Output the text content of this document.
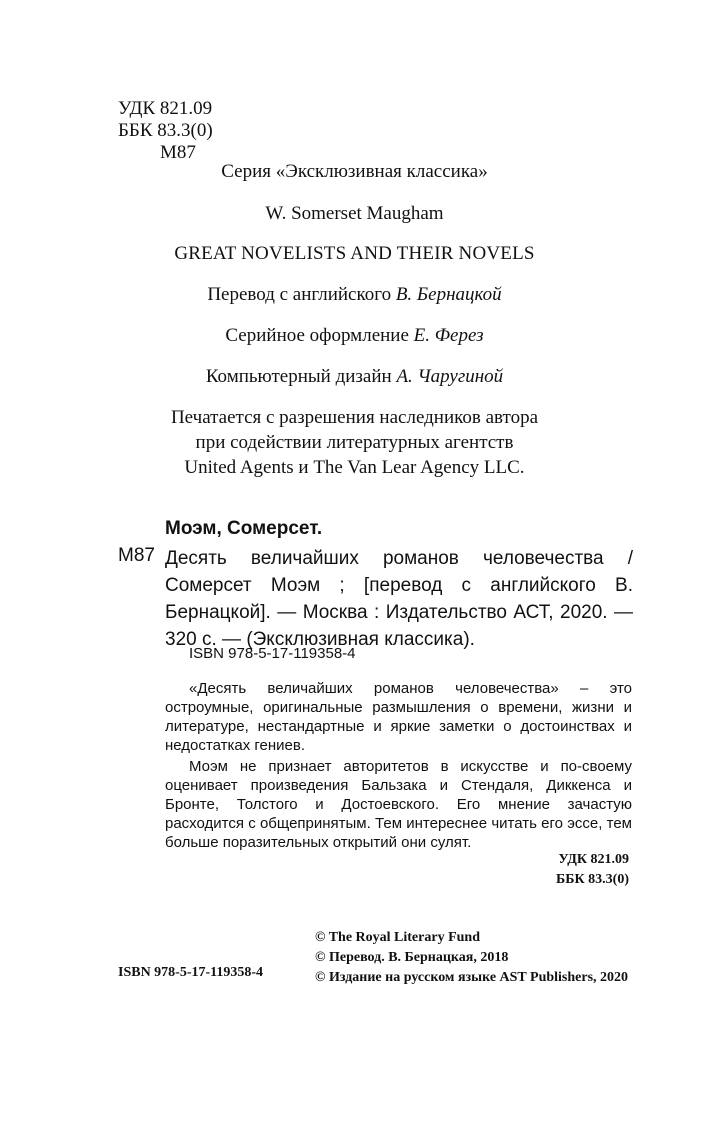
УДК 821.09
ББК 83.3(0)
М87
Серия «Эксклюзивная классика»
W. Somerset Maugham
GREAT NOVELISTS AND THEIR NOVELS
Перевод с английского В. Бернацкой
Серийное оформление Е. Ферез
Компьютерный дизайн А. Чаругиной
Печатается с разрешения наследников автора
при содействии литературных агентств
United Agents и The Van Lear Agency LLC.
Моэм, Сомерсет.
М87 Десять величайших романов человечества / Сомерсет Моэм ; [перевод с английского В. Бернацкой]. — Москва : Издательство АСТ, 2020. — 320 с. — (Эксклюзивная классика).
ISBN 978-5-17-119358-4
«Десять величайших романов человечества» – это остроумные, оригинальные размышления о времени, жизни и литературе, нестандартные и яркие заметки о достоинствах и недостатках гениев.
Моэм не признает авторитетов в искусстве и по-своему оценивает произведения Бальзака и Стендаля, Диккенса и Бронте, Толстого и Достоевского. Его мнение зачастую расходится с общепринятым. Тем интереснее читать его эссе, тем больше поразительных открытий они сулят.
УДК 821.09
ББК 83.3(0)
© The Royal Literary Fund
© Перевод. В. Бернацкая, 2018
© Издание на русском языке AST Publishers, 2020
ISBN 978-5-17-119358-4
